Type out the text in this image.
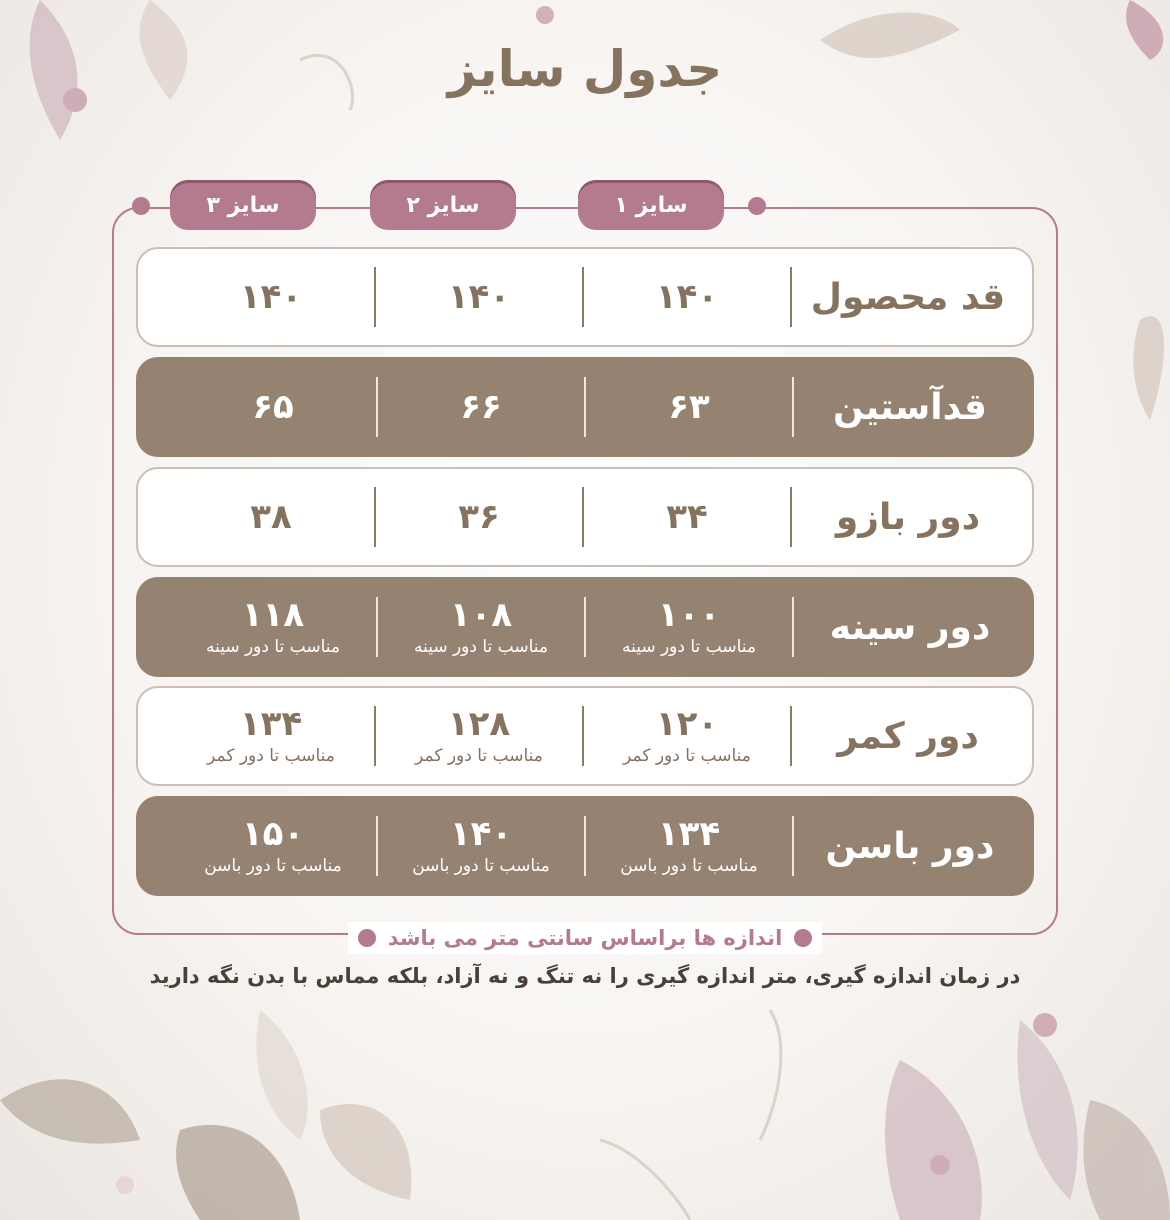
جدول سایز
سایز ۱
سایز ۲
سایز ۳
قد محصول
۱۴۰
۱۴۰
۱۴۰
قدآستین
۶۳
۶۶
۶۵
دور بازو
۳۴
۳۶
۳۸
دور سینه
۱۰۰
مناسب تا دور سینه
۱۰۸
مناسب تا دور سینه
۱۱۸
مناسب تا دور سینه
دور کمر
۱۲۰
مناسب تا دور کمر
۱۲۸
مناسب تا دور کمر
۱۳۴
مناسب تا دور کمر
دور باسن
۱۳۴
مناسب تا دور باسن
۱۴۰
مناسب تا دور باسن
۱۵۰
مناسب تا دور باسن
اندازه ها براساس سانتی متر می باشد
در زمان اندازه گیری، متر اندازه گیری را نه تنگ و نه آزاد، بلکه مماس با بدن نگه دارید
